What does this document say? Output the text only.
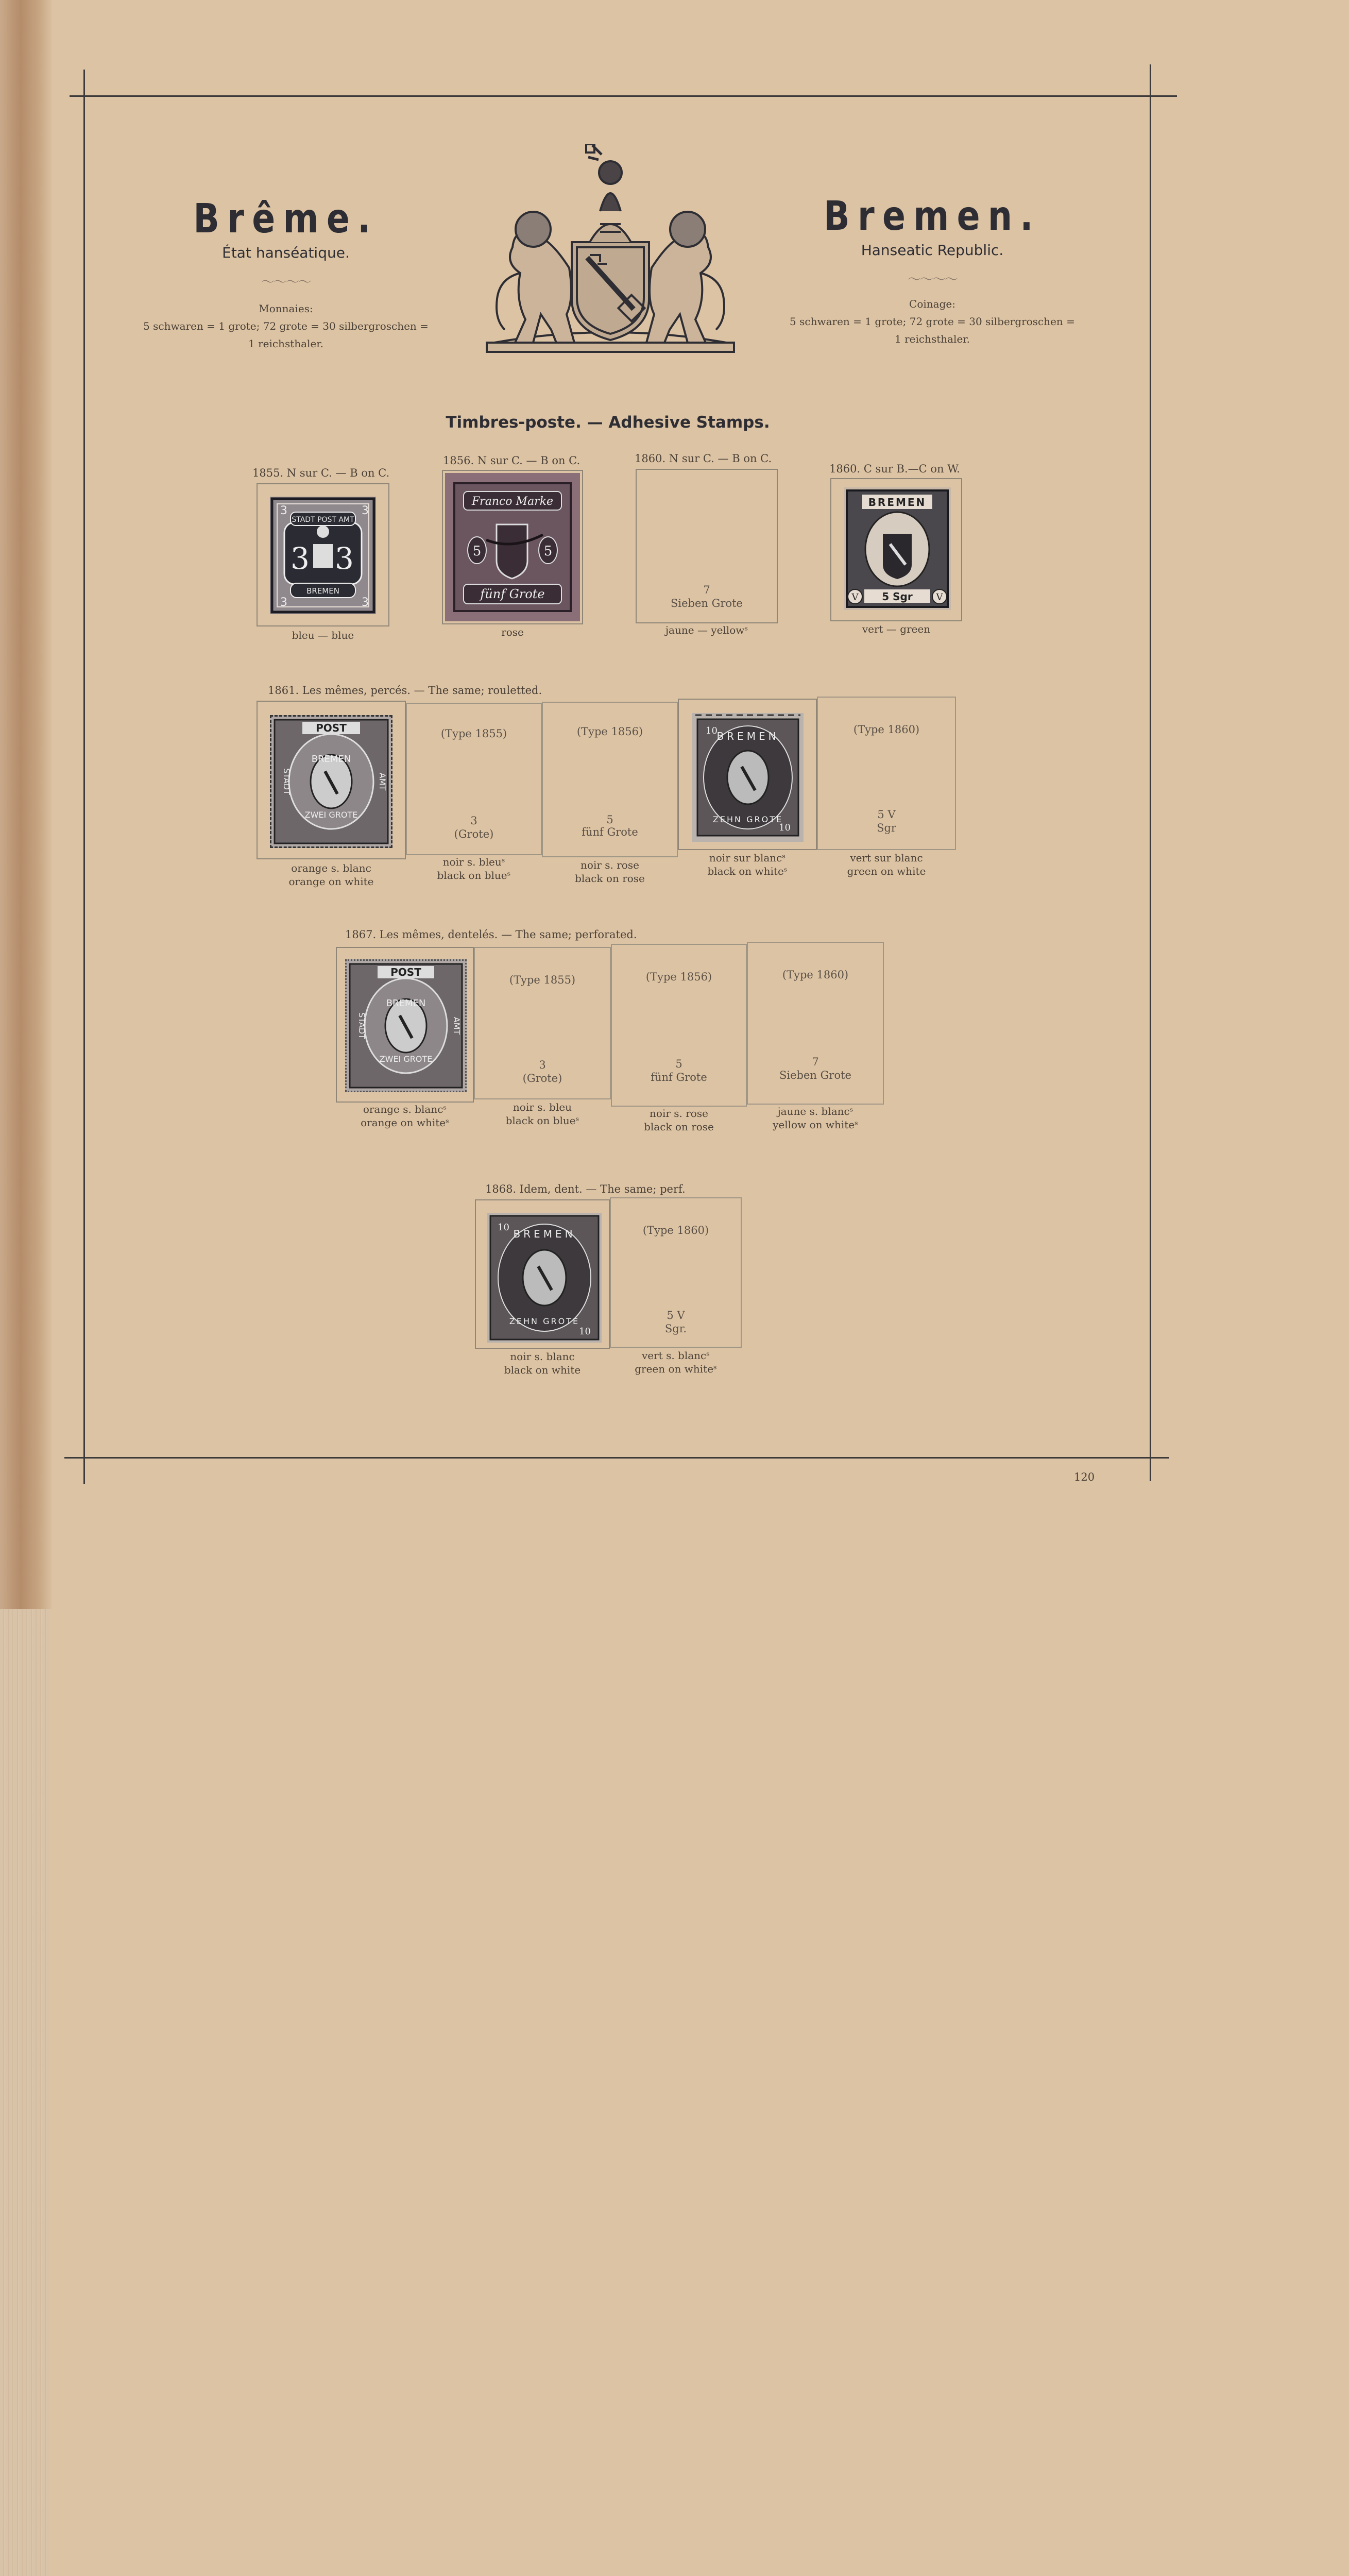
Brême.
État hanséatique.
～～～～
Monnaies:
5 schwaren = 1 grote; 72 grote = 30 silbergroschen =
1 reichsthaler.
Bremen.
Hanseatic Republic.
～～～～
Coinage:
5 schwaren = 1 grote; 72 grote = 30 silbergroschen =
1 reichsthaler.
Timbres-poste. — Adhesive Stamps.
1855. N sur C. — B on C.
3	3
3	3
3 3
STADT POST AMT
BREMEN
bleu — blue
1856. N sur C. — B on C.
5	5
Franco Marke
fünf Grote
rose
1860. N sur C. — B on C.
7
Sieben Grote
jaune — yellowˢ
1860. C sur B.—C on W.
BREMEN
5 Sgr
V	V
vert — green
1861. Les mêmes, percés. — The same; rouletted.
POST
BREMEN
ZWEI GROTE
STADT	AMT
orange s. blanc
orange on white
(Type 1855)
3
(Grote)
noir s. bleuˢ
black on blueˢ
(Type 1856)
5
fünf Grote
noir s. rose
black on rose
BREMEN
ZEHN GROTE
10
10
noir sur blancˢ
black on whiteˢ
(Type 1860)
5 V
Sgr
vert sur blanc
green on white
1867. Les mêmes, dentelés. — The same; perforated.
POST
BREMEN
ZWEI GROTE
STADT	AMT
orange s. blancˢ
orange on whiteˢ
(Type 1855)
3
(Grote)
noir s. bleu
black on blueˢ
(Type 1856)
5
fünf Grote
noir s. rose
black on rose
(Type 1860)
7
Sieben Grote
jaune s. blancˢ
yellow on whiteˢ
1868. Idem, dent. — The same; perf.
BREMEN
ZEHN GROTE
10
10
noir s. blanc
black on white
(Type 1860)
5 V
Sgr.
vert s. blancˢ
green on whiteˢ
120
